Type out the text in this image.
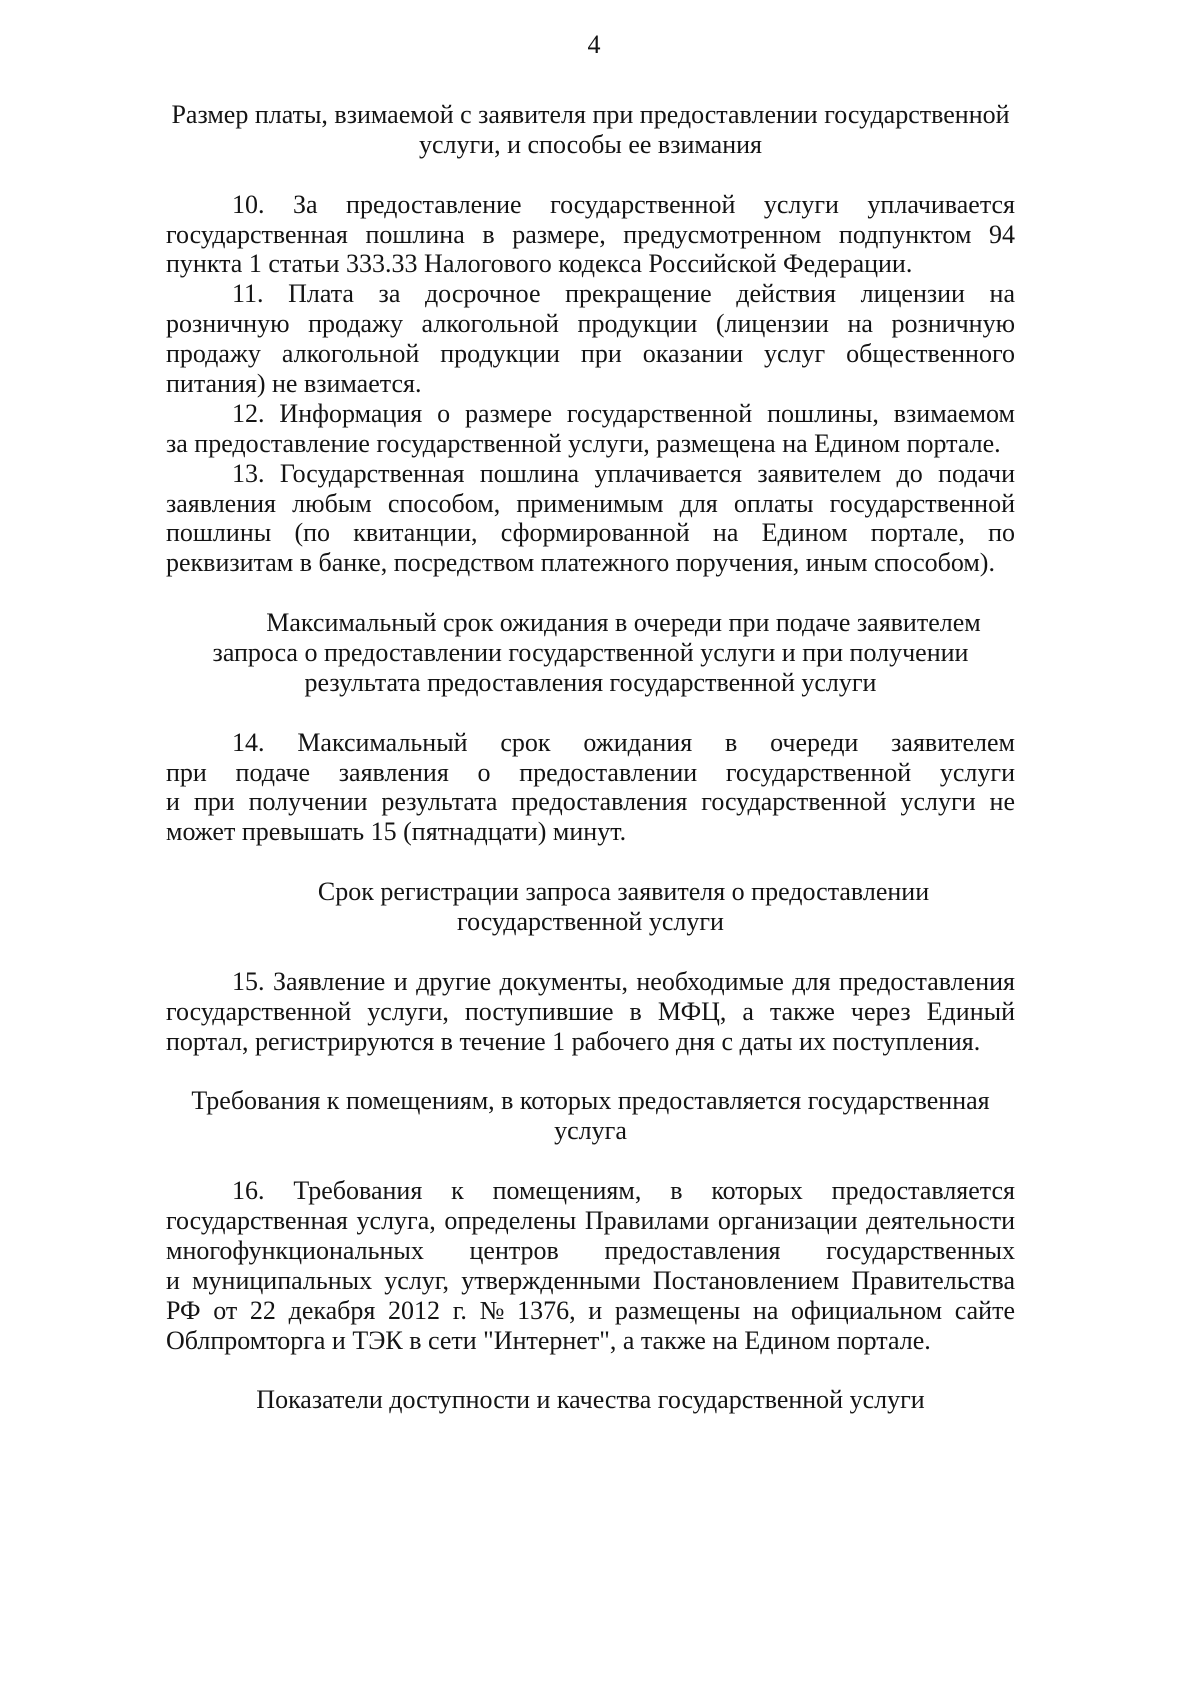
4
Размер платы, взимаемой с заявителя при предоставлении государственной
услуги, и способы ее взимания
10. За предоставление государственной услуги уплачивается
государственная пошлина в размере, предусмотренном подпунктом 94
пункта 1 статьи 333.33 Налогового кодекса Российской Федерации.
11. Плата за досрочное прекращение действия лицензии на
розничную продажу алкогольной продукции (лицензии на розничную
продажу алкогольной продукции при оказании услуг общественного
питания) не взимается.
12. Информация о размере государственной пошлины, взимаемом
за предоставление государственной услуги, размещена на Едином портале.
13. Государственная пошлина уплачивается заявителем до подачи
заявления любым способом, применимым для оплаты государственной
пошлины (по квитанции, сформированной на Едином портале, по
реквизитам в банке, посредством платежного поручения, иным способом).
Максимальный срок ожидания в очереди при подаче заявителем
запроса о предоставлении государственной услуги и при получении
результата предоставления государственной услуги
14. Максимальный срок ожидания в очереди заявителем
при подаче заявления о предоставлении государственной услуги
и при получении результата предоставления государственной услуги не
может превышать 15 (пятнадцати) минут.
Срок регистрации запроса заявителя о предоставлении
государственной услуги
15. Заявление и другие документы, необходимые для предоставления
государственной услуги, поступившие в МФЦ, а также через Единый
портал, регистрируются в течение 1 рабочего дня с даты их поступления.
Требования к помещениям, в которых предоставляется государственная
услуга
16. Требования к помещениям, в которых предоставляется
государственная услуга, определены Правилами организации деятельности
многофункциональных центров предоставления государственных
и муниципальных услуг, утвержденными Постановлением Правительства
РФ от 22 декабря 2012 г. № 1376, и размещены на официальном сайте
Облпромторга и ТЭК в сети "Интернет", а также на Едином портале.
Показатели доступности и качества государственной услуги
